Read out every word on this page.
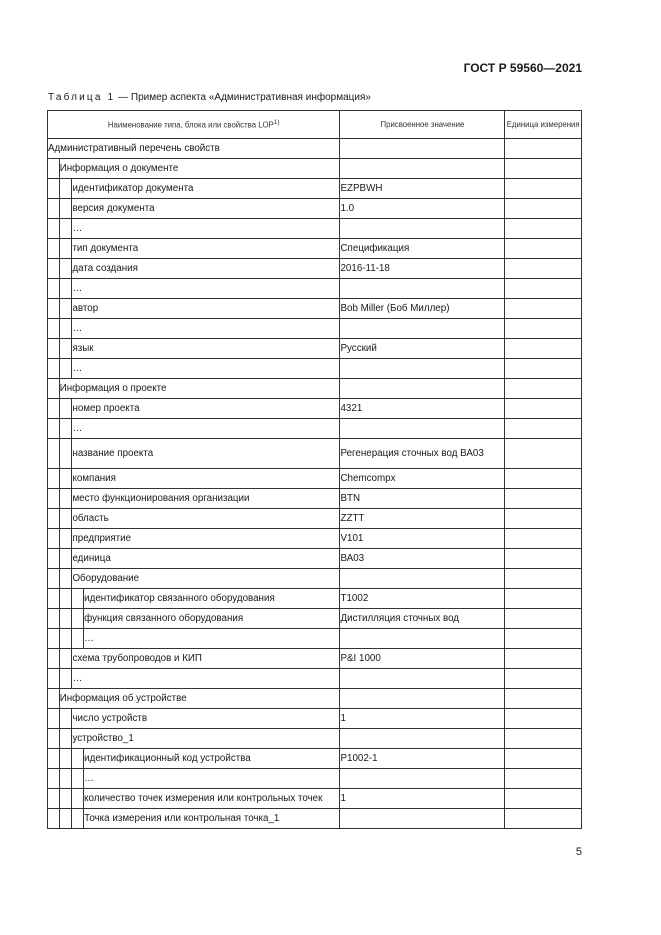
ГОСТ Р 59560—2021
Таблица 1 — Пример аспекта «Административная информация»
Наименование типа, блока или свойства LOP$^{1)}$				Присвоенное значение	Единица измерения
Административный перечень свойств					
	Информация о документе				
		идентификатор документа		EZPBWH	
		версия документа		1.0	
		…			
		тип документа		Спецификация	
		дата создания		2016-11-18	
		…			
		автор		Bob Miller (Боб Миллер)	
		…			
		язык		Русский	
		…			
	Информация о проекте				
		номер проекта		4321	
		…			
		название проекта		Регенерация сточных вод ВА03	
		компания		Chemcompx	
		место функционирования организации		BTN	
		область		ZZTT	
		предприятие		V101	
		единица		ВА03	
		Оборудование			
			идентификатор связанного оборудования	T1002	
			функция связанного оборудования	Дистилляция сточных вод	
			…		
		схема трубопроводов и КИП		P&I 1000	
		…			
	Информация об устройстве				
		число устройств		1	
		устройство_1			
			идентификационный код устройства	P1002-1	
			…		
			количество точек измерения или контрольных точек	1	
			Точка измерения или контрольная точка_1		
5
